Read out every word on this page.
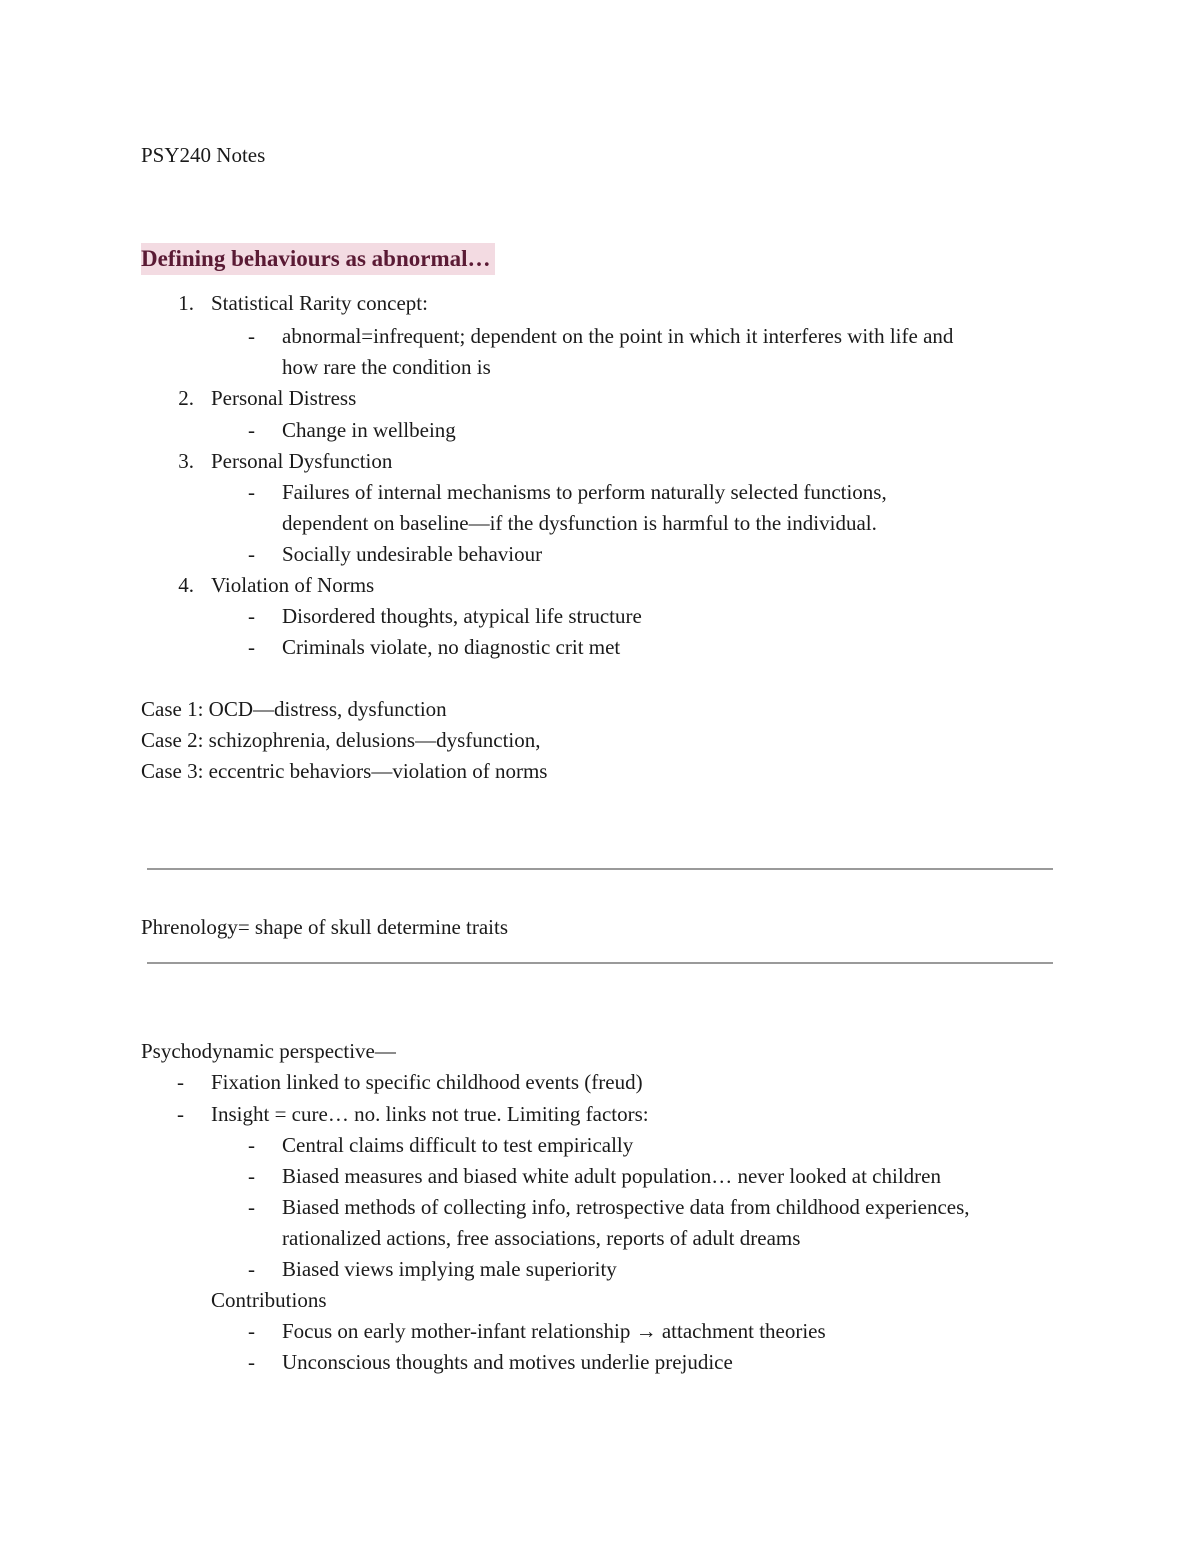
PSY240 Notes
Defining behaviours as abnormal…
1. Statistical Rarity concept:
- abnormal=infrequent; dependent on the point in which it interferes with life and
how rare the condition is
2. Personal Distress
- Change in wellbeing
3. Personal Dysfunction
- Failures of internal mechanisms to perform naturally selected functions,
dependent on baseline—if the dysfunction is harmful to the individual.
- Socially undesirable behaviour
4. Violation of Norms
- Disordered thoughts, atypical life structure
- Criminals violate, no diagnostic crit met
Case 1: OCD—distress, dysfunction
Case 2: schizophrenia, delusions—dysfunction,
Case 3: eccentric behaviors—violation of norms
Phrenology= shape of skull determine traits
Psychodynamic perspective—
- Fixation linked to specific childhood events (freud)
- Insight = cure… no. links not true. Limiting factors:
- Central claims difficult to test empirically
- Biased measures and biased white adult population… never looked at children
- Biased methods of collecting info, retrospective data from childhood experiences,
rationalized actions, free associations, reports of adult dreams
- Biased views implying male superiority
Contributions
- Focus on early mother-infant relationship → attachment theories
- Unconscious thoughts and motives underlie prejudice
